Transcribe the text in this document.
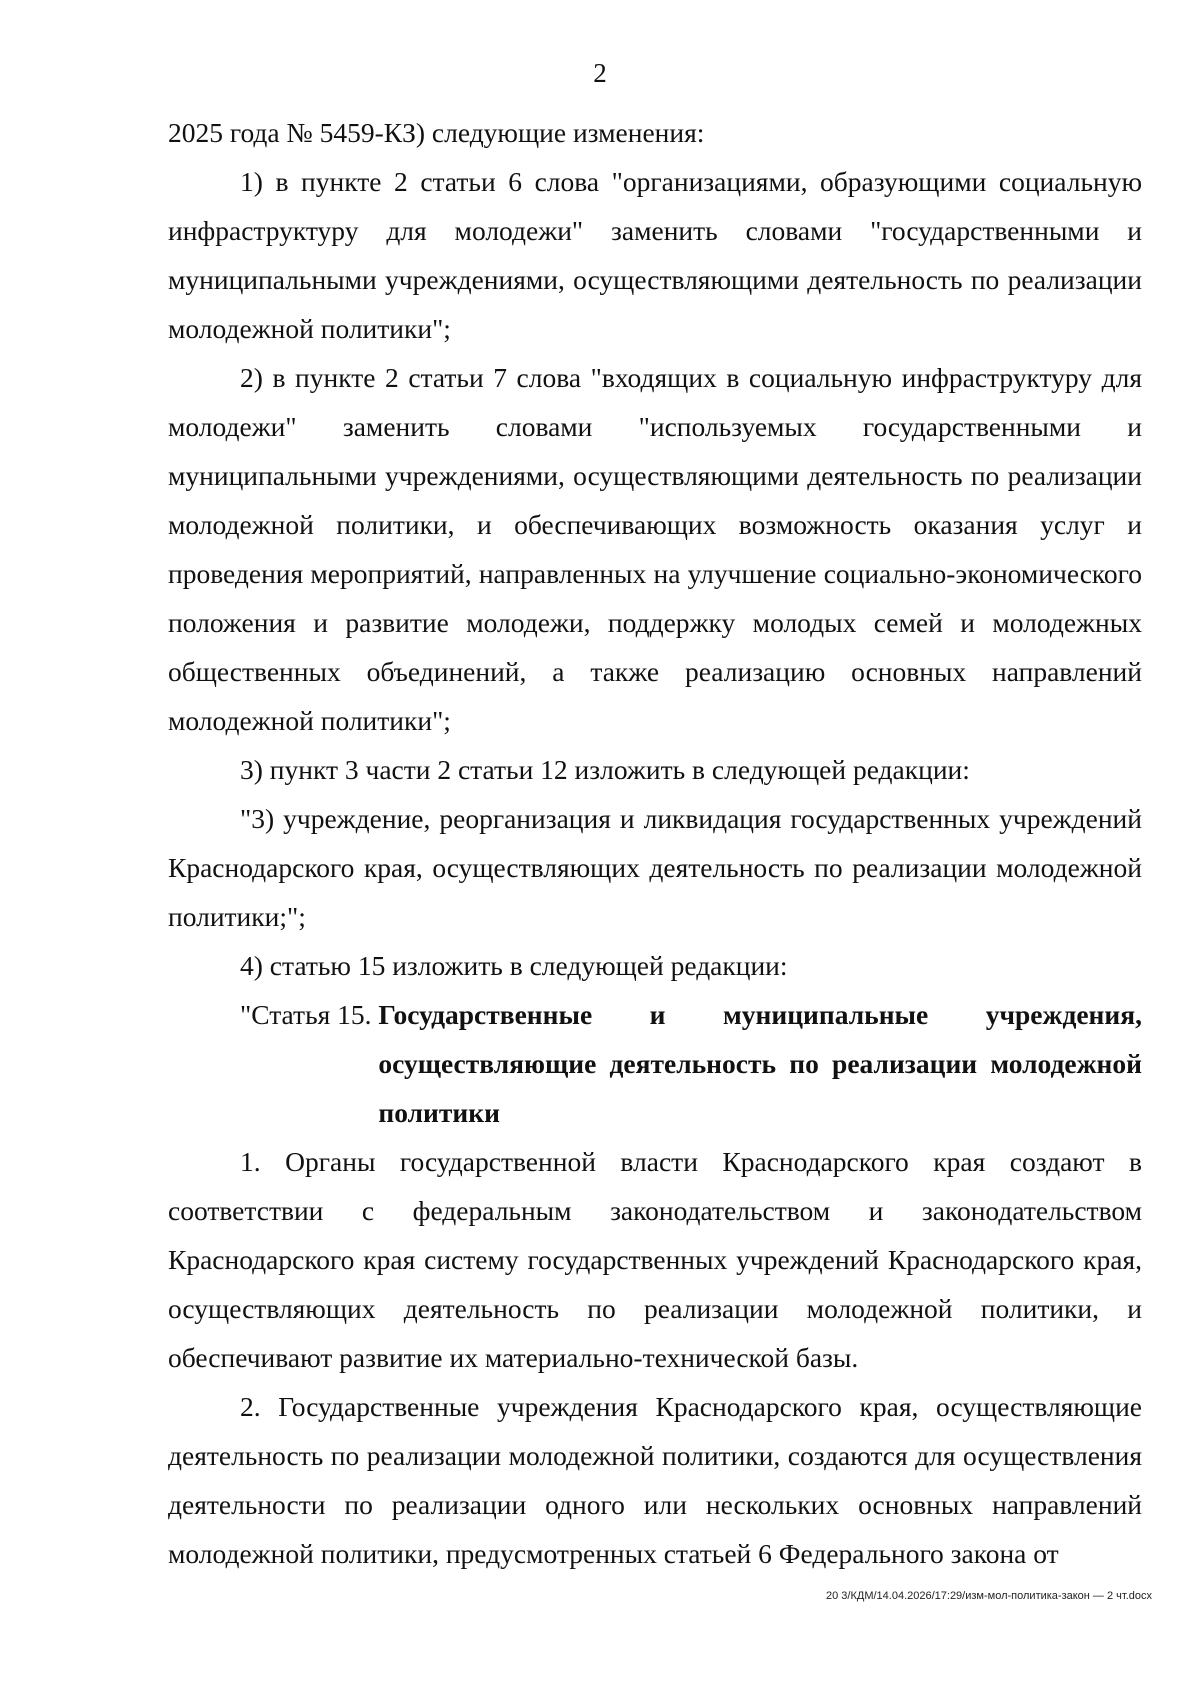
2

2025 года № 5459-КЗ) следующие изменения:

1) в пункте 2 статьи 6 слова "организациями, образующими социальную инфраструктуру для молодежи" заменить словами "государственными и муниципальными учреждениями, осуществляющими деятельность по реализации молодежной политики";

2) в пункте 2 статьи 7 слова "входящих в социальную инфраструктуру для молодежи" заменить словами "используемых государственными и муниципальными учреждениями, осуществляющими деятельность по реализации молодежной политики, и обеспечивающих возможность оказания услуг и проведения мероприятий, направленных на улучшение социально-экономического положения и развитие молодежи, поддержку молодых семей и молодежных общественных объединений, а также реализацию основных направлений молодежной политики";

3) пункт 3 части 2 статьи 12 изложить в следующей редакции:

"3) учреждение, реорганизация и ликвидация государственных учреждений Краснодарского края, осуществляющих деятельность по реализации молодежной политики;";

4) статью 15 изложить в следующей редакции:

"Статья 15. Государственные и муниципальные учреждения, осуществляющие деятельность по реализации молодежной политики

1. Органы государственной власти Краснодарского края создают в соответствии с федеральным законодательством и законодательством Краснодарского края систему государственных учреждений Краснодарского края, осуществляющих деятельность по реализации молодежной политики, и обеспечивают развитие их материально-технической базы.

2. Государственные учреждения Краснодарского края, осуществляющие деятельность по реализации молодежной политики, создаются для осуществления деятельности по реализации одного или нескольких основных направлений молодежной политики, предусмотренных статьей 6 Федерального закона от

20 3/КДМ/14.04.2026/17:29/изм-мол-политика-закон — 2 чт.docx
